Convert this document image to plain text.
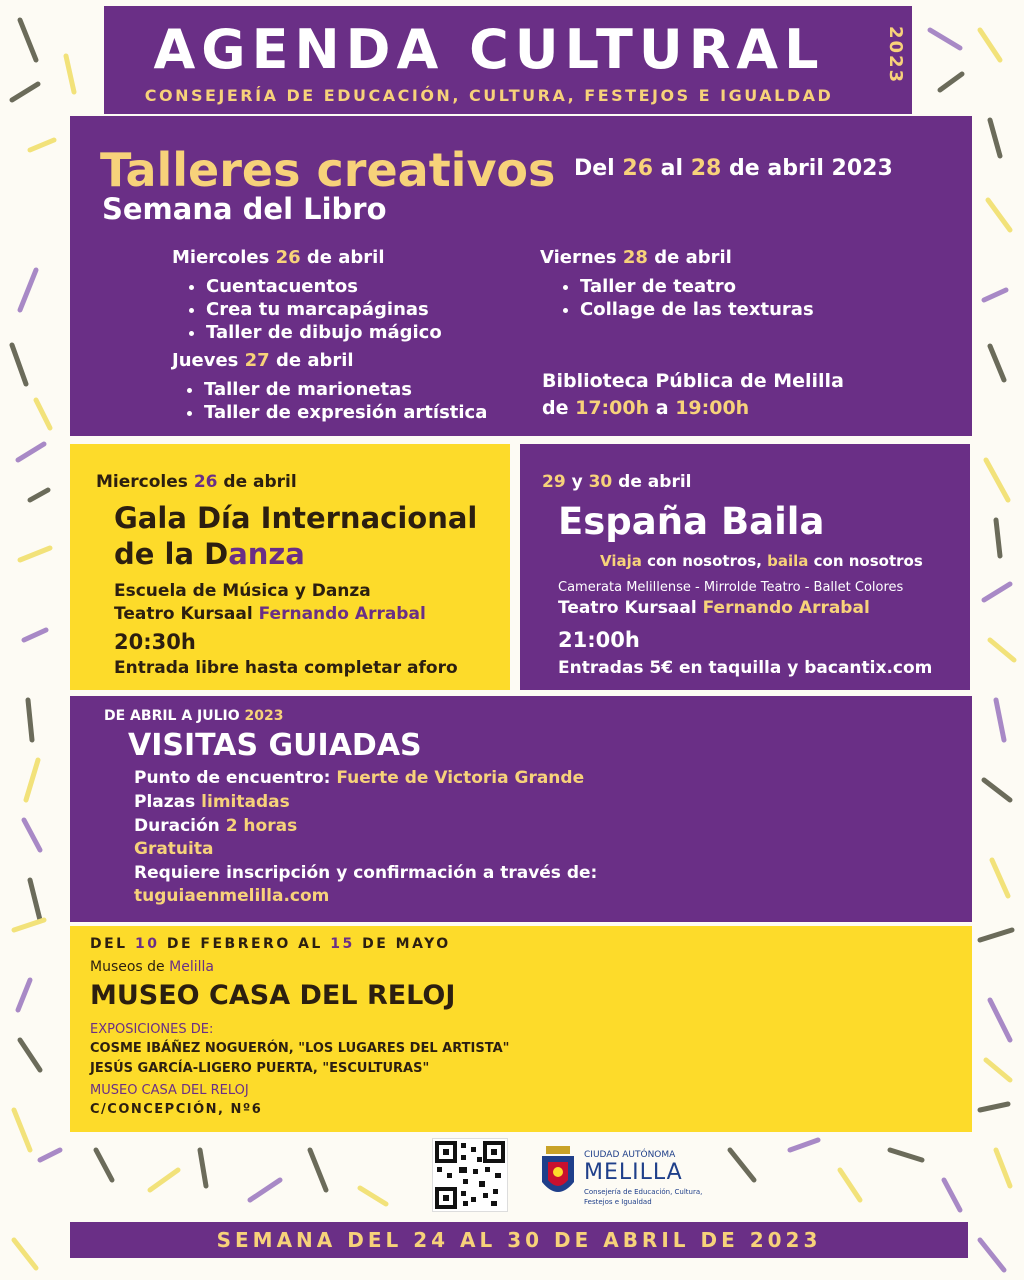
AGENDA CULTURAL
CONSEJERÍA DE EDUCACIÓN, CULTURA, FESTEJOS E IGUALDAD
2023
Talleres creativos Del 26 al 28 de abril 2023
Semana del Libro
Miercoles 26 de abril
• Cuentacuentos
• Crea tu marcapáginas
• Taller de dibujo mágico
Jueves 27 de abril
• Taller de marionetas
• Taller de expresión artística
Viernes 28 de abril
• Taller de teatro
• Collage de las texturas
Biblioteca Pública de Melilla
de 17:00h a 19:00h
Miercoles 26 de abril
Gala Día Internacional
de la Danza
Escuela de Música y Danza
Teatro Kursaal Fernando Arrabal
20:30h
Entrada libre hasta completar aforo
29 y 30 de abril
España Baila
Viaja con nosotros, baila con nosotros
Camerata Melillense - Mirrolde Teatro - Ballet Colores
Teatro Kursaal Fernando Arrabal
21:00h
Entradas 5€ en taquilla y bacantix.com
DE ABRIL A JULIO 2023
VISITAS GUIADAS
Punto de encuentro: Fuerte de Victoria Grande
Plazas limitadas
Duración 2 horas
Gratuita
Requiere inscripción y confirmación a través de:
tuguiaenmelilla.com
DEL 10 DE FEBRERO AL 15 DE MAYO
Museos de Melilla
MUSEO CASA DEL RELOJ
EXPOSICIONES DE:
COSME IBÁÑEZ NOGUERÓN, "LOS LUGARES DEL ARTISTA"
JESÚS GARCÍA-LIGERO PUERTA, "ESCULTURAS"
MUSEO CASA DEL RELOJ
C/CONCEPCIÓN, Nº6
CIUDAD AUTÓNOMA
MELILLA
Consejería de Educación, Cultura,
Festejos e Igualdad
SEMANA DEL 24 AL 30 DE ABRIL DE 2023
